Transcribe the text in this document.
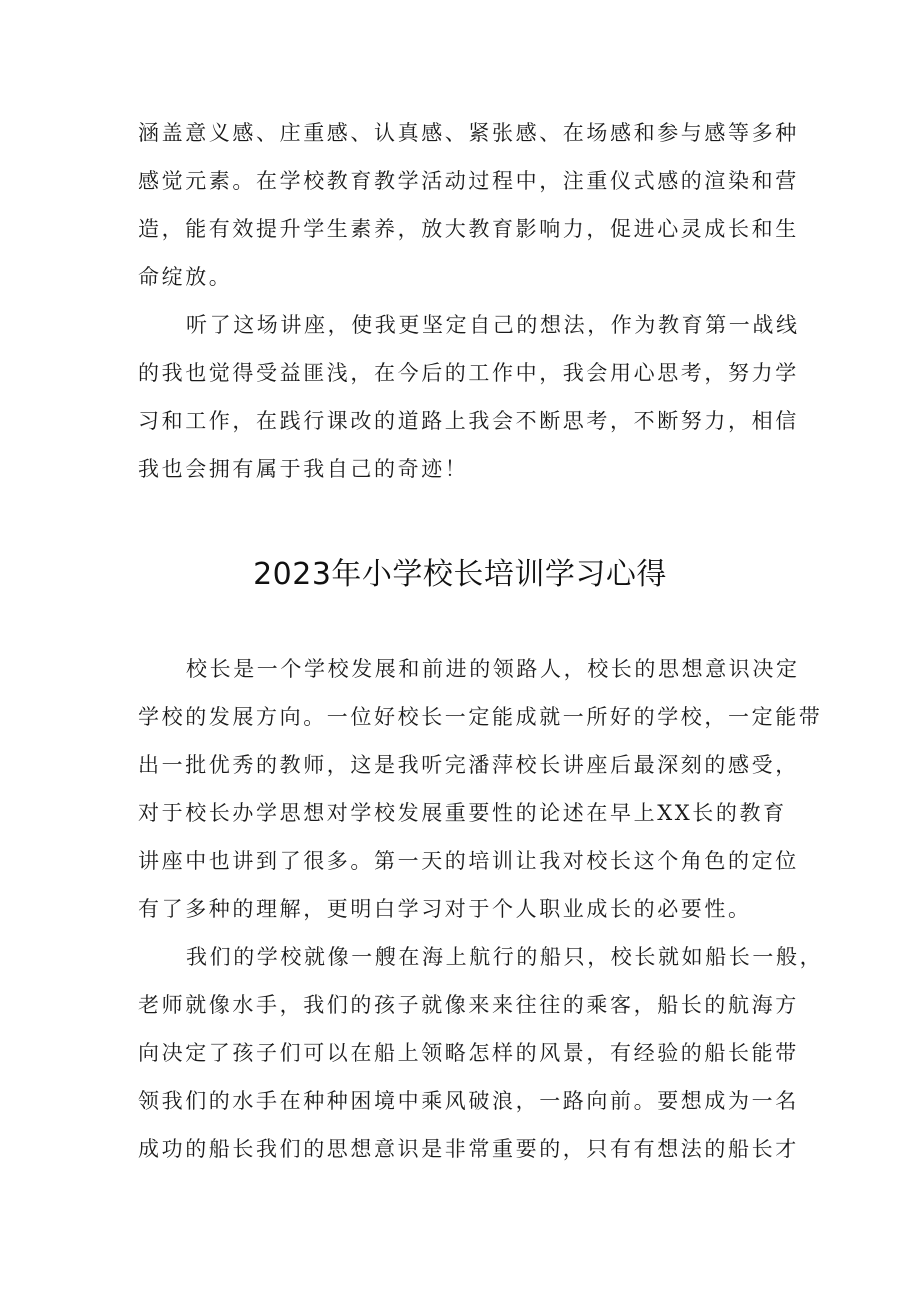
涵盖意义感、庄重感、认真感、紧张感、在场感和参与感等多种
感觉元素。在学校教育教学活动过程中，注重仪式感的渲染和营
造，能有效提升学生素养，放大教育影响力，促进心灵成长和生
命绽放。
听了这场讲座，使我更坚定自己的想法，作为教育第一战线
的我也觉得受益匪浅，在今后的工作中，我会用心思考，努力学
习和工作，在践行课改的道路上我会不断思考，不断努力，相信
我也会拥有属于我自己的奇迹！
2023年小学校长培训学习心得
校长是一个学校发展和前进的领路人，校长的思想意识决定
学校的发展方向。一位好校长一定能成就一所好的学校，一定能带
出一批优秀的教师，这是我听完潘萍校长讲座后最深刻的感受，
对于校长办学思想对学校发展重要性的论述在早上XX长的教育
讲座中也讲到了很多。第一天的培训让我对校长这个角色的定位
有了多种的理解，更明白学习对于个人职业成长的必要性。
我们的学校就像一艘在海上航行的船只，校长就如船长一般，
老师就像水手，我们的孩子就像来来往往的乘客，船长的航海方
向决定了孩子们可以在船上领略怎样的风景，有经验的船长能带
领我们的水手在种种困境中乘风破浪，一路向前。要想成为一名
成功的船长我们的思想意识是非常重要的，只有有想法的船长才
